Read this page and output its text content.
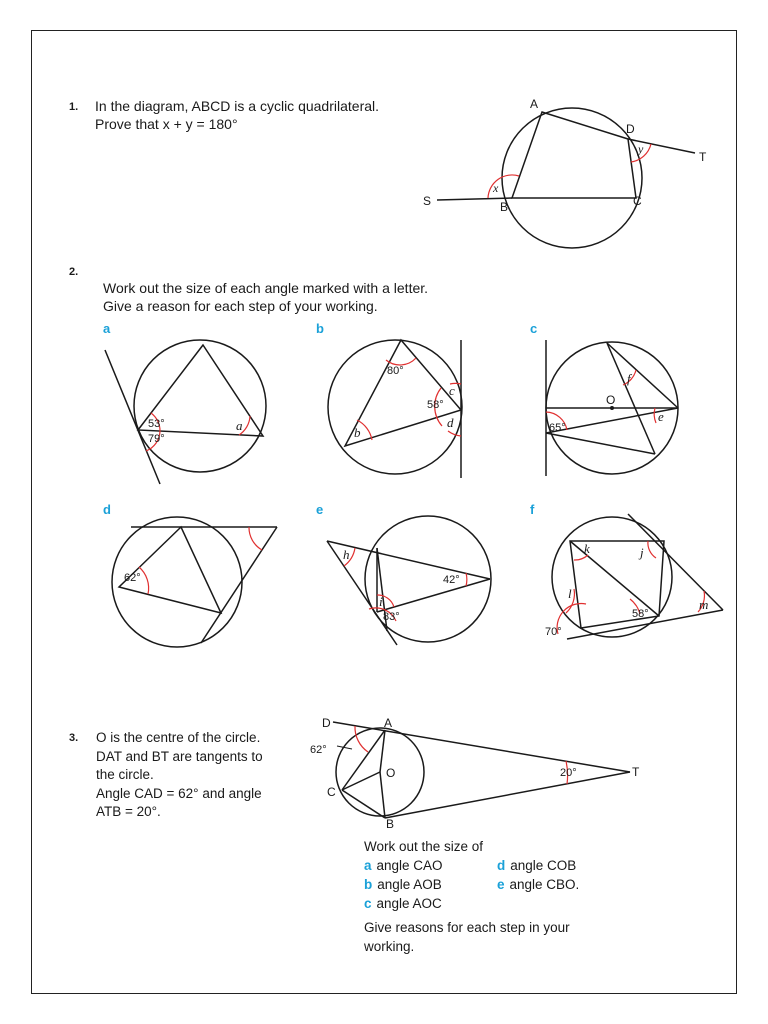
1. In the diagram, ABCD is a cyclic quadrilateral.
Prove that x + y = 180°
A
D
T
C
B
S
x
y
2.
Work out the size of each angle marked with a letter.
Give a reason for each step of your working.
a	b	c
d	e	f
53°
79°
a
80°
58°
c
d
b	65°
O
f
e
62°
h
42°
i
83°
k	j
l
58°
m
70°
3. O is the centre of the circle.
DAT and BT are tangents to
the circle.
Angle CAD = 62° and angle
ATB = 20°.
D	A
62°
O
C
B
20°	T
Work out the size of
a angle CAO
b angle AOB
c angle AOC
d angle COB
e angle CBO.
Give reasons for each step in your
working.
